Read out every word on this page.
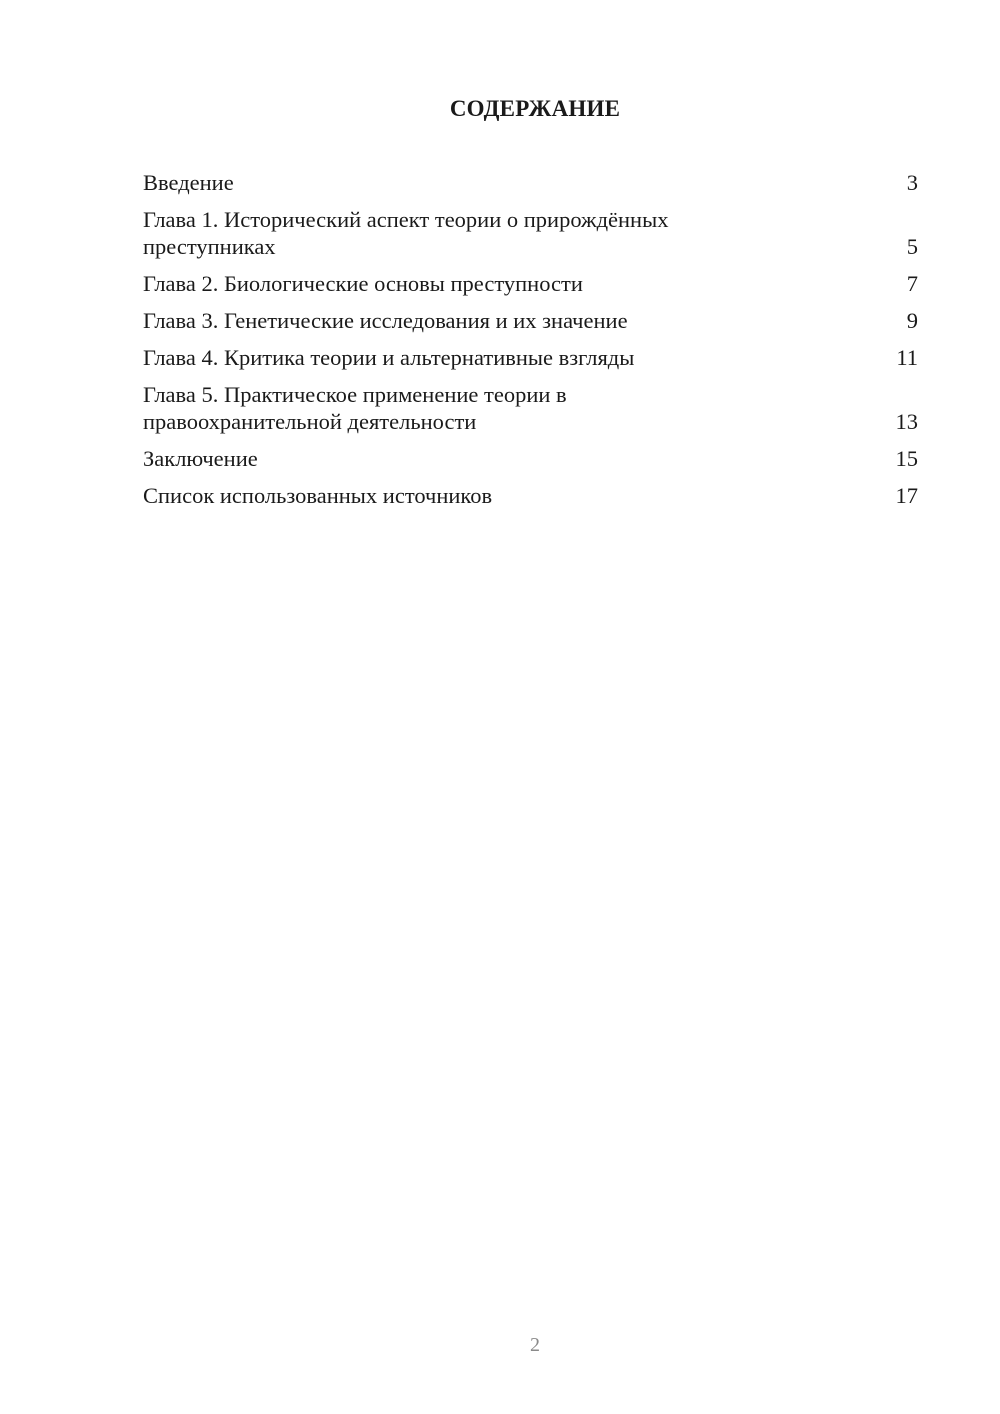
СОДЕРЖАНИЕ
Введение	3
Глава 1. Исторический аспект теории о прирождённых преступниках	5
Глава 2. Биологические основы преступности	7
Глава 3. Генетические исследования и их значение	9
Глава 4. Критика теории и альтернативные взгляды	11
Глава 5. Практическое применение теории в правоохранительной деятельности	13
Заключение	15
Список использованных источников	17
2
